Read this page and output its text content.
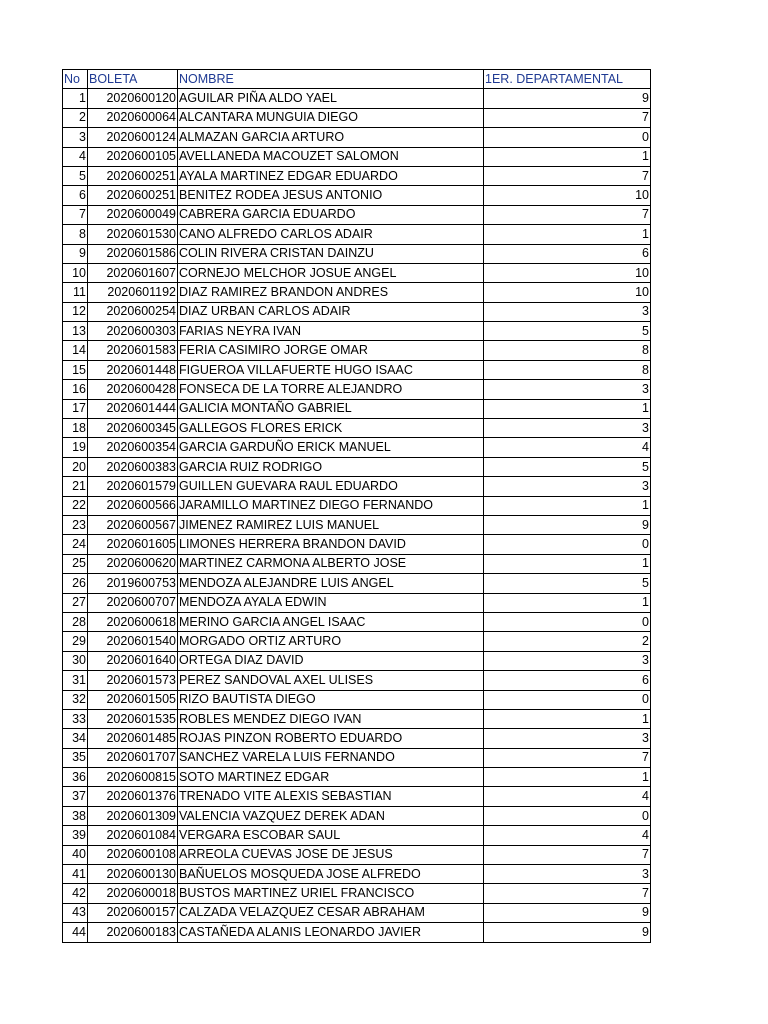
No	BOLETA	NOMBRE	1ER. DEPARTAMENTAL
1	2020600120	AGUILAR PIÑA ALDO YAEL	9
2	2020600064	ALCANTARA MUNGUIA DIEGO	7
3	2020600124	ALMAZAN GARCIA ARTURO	0
4	2020600105	AVELLANEDA MACOUZET SALOMON	1
5	2020600251	AYALA MARTINEZ EDGAR EDUARDO	7
6	2020600251	BENITEZ RODEA JESUS ANTONIO	10
7	2020600049	CABRERA GARCIA EDUARDO	7
8	2020601530	CANO ALFREDO CARLOS ADAIR	1
9	2020601586	COLIN RIVERA CRISTAN DAINZU	6
10	2020601607	CORNEJO MELCHOR JOSUE ANGEL	10
11	2020601192	DIAZ RAMIREZ BRANDON ANDRES	10
12	2020600254	DIAZ URBAN CARLOS ADAIR	3
13	2020600303	FARIAS NEYRA IVAN	5
14	2020601583	FERIA CASIMIRO JORGE OMAR	8
15	2020601448	FIGUEROA VILLAFUERTE HUGO ISAAC	8
16	2020600428	FONSECA DE LA TORRE ALEJANDRO	3
17	2020601444	GALICIA MONTAÑO GABRIEL	1
18	2020600345	GALLEGOS FLORES ERICK	3
19	2020600354	GARCIA GARDUÑO ERICK MANUEL	4
20	2020600383	GARCIA RUIZ RODRIGO	5
21	2020601579	GUILLEN GUEVARA RAUL EDUARDO	3
22	2020600566	JARAMILLO MARTINEZ DIEGO FERNANDO	1
23	2020600567	JIMENEZ RAMIREZ LUIS MANUEL	9
24	2020601605	LIMONES HERRERA BRANDON DAVID	0
25	2020600620	MARTINEZ CARMONA ALBERTO JOSE	1
26	2019600753	MENDOZA ALEJANDRE LUIS ANGEL	5
27	2020600707	MENDOZA AYALA EDWIN	1
28	2020600618	MERINO GARCIA ANGEL ISAAC	0
29	2020601540	MORGADO ORTIZ ARTURO	2
30	2020601640	ORTEGA DIAZ DAVID	3
31	2020601573	PEREZ SANDOVAL AXEL ULISES	6
32	2020601505	RIZO BAUTISTA DIEGO	0
33	2020601535	ROBLES MENDEZ DIEGO IVAN	1
34	2020601485	ROJAS PINZON ROBERTO EDUARDO	3
35	2020601707	SANCHEZ VARELA LUIS FERNANDO	7
36	2020600815	SOTO MARTINEZ EDGAR	1
37	2020601376	TRENADO VITE ALEXIS SEBASTIAN	4
38	2020601309	VALENCIA VAZQUEZ DEREK ADAN	0
39	2020601084	VERGARA ESCOBAR SAUL	4
40	2020600108	ARREOLA CUEVAS JOSE DE JESUS	7
41	2020600130	BAÑUELOS MOSQUEDA JOSE ALFREDO	3
42	2020600018	BUSTOS MARTINEZ URIEL FRANCISCO	7
43	2020600157	CALZADA VELAZQUEZ CESAR ABRAHAM	9
44	2020600183	CASTAÑEDA ALANIS LEONARDO JAVIER	9
